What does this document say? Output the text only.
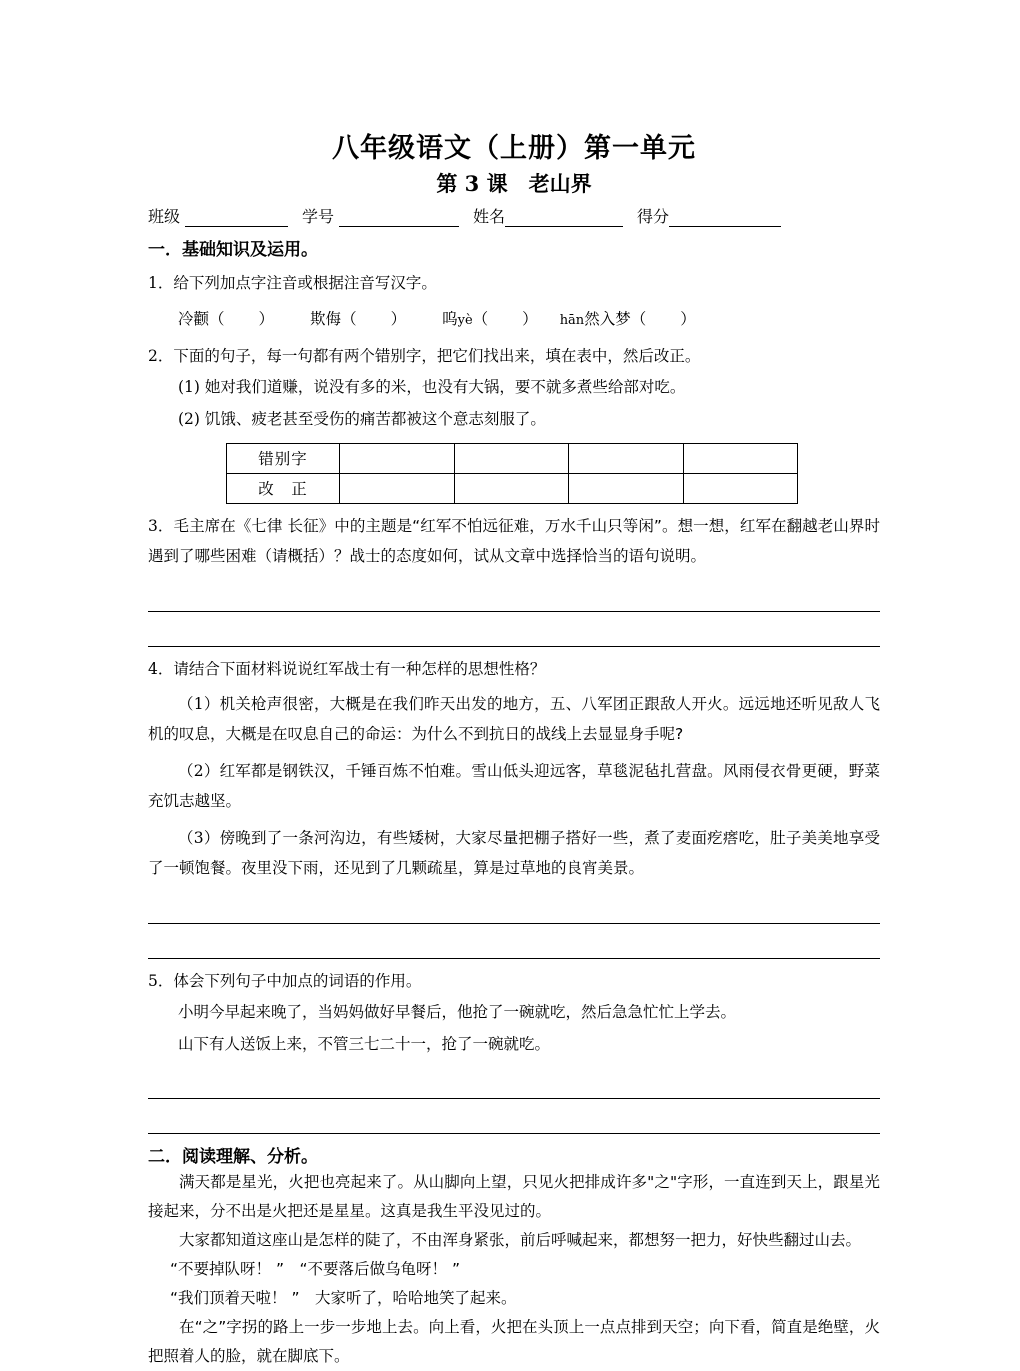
八年级语文（上册）第一单元
第 3 课　老山界
班级	学号	姓名	得分
一．基础知识及运用。
1．给下列加点字注音或根据注音写汉字。
冷颧（ ） 欺侮（ ） 呜yè（ ） hān然入梦（ ）
2．下面的句子，每一句都有两个错别字，把它们找出来，填在表中，然后改正。
(1) 她对我们道赚，说没有多的米，也没有大锅，要不就多煮些给部对吃。
(2) 饥饿、疲老甚至受伤的痛苦都被这个意志刻服了。
错别字				
改　正				
3．毛主席在《七律 长征》中的主题是“红军不怕远征难，万水千山只等闲”。想一想，红军在翻越老山界时遇到了哪些困难（请概括）？战士的态度如何，试从文章中选择恰当的语句说明。
4．请结合下面材料说说红军战士有一种怎样的思想性格？
（1）机关枪声很密，大概是在我们昨天出发的地方，五、八军团正跟敌人开火。远远地还听见敌人飞机的叹息，大概是在叹息自己的命运：为什么不到抗日的战线上去显显身手呢?
（2）红军都是钢铁汉，千锤百炼不怕难。雪山低头迎远客，草毯泥毡扎营盘。风雨侵衣骨更硬，野菜充饥志越坚。
（3）傍晚到了一条河沟边，有些矮树，大家尽量把棚子搭好一些，煮了麦面疙瘩吃，肚子美美地享受了一顿饱餐。夜里没下雨，还见到了几颗疏星，算是过草地的良宵美景。
5．体会下列句子中加点的词语的作用。
小明今早起来晚了，当妈妈做好早餐后，他抢了一碗就吃，然后急急忙忙上学去。
山下有人送饭上来，不管三七二十一，抢了一碗就吃。
二．阅读理解、分析。
满天都是星光，火把也亮起来了。从山脚向上望，只见火把排成许多"之"字形，一直连到天上，跟星光接起来，分不出是火把还是星星。这真是我生平没见过的。
大家都知道这座山是怎样的陡了，不由浑身紧张，前后呼喊起来，都想努一把力，好快些翻过山去。
“不要掉队呀！ ”　“不要落后做乌龟呀！ ”
“我们顶着天啦！ ”　大家听了，哈哈地笑了起来。
在“之”字拐的路上一步一步地上去。向上看，火把在头顶上一点点排到天空；向下看，简直是绝壁，火把照着人的脸，就在脚底下。
